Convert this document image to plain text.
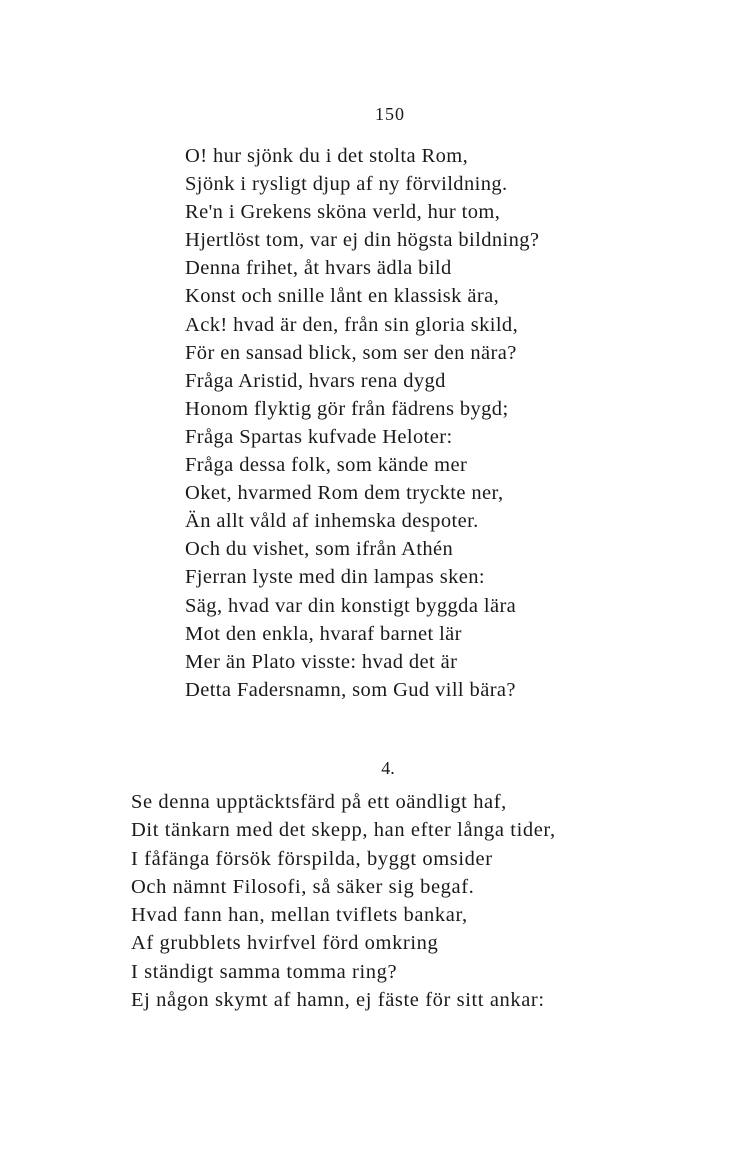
150
O! hur sjönk du i det stolta Rom,
Sjönk i rysligt djup af ny förvildning.
Re'n i Grekens sköna verld, hur tom,
Hjertlöst tom, var ej din högsta bildning?
Denna frihet, åt hvars ädla bild
Konst och snille lånt en klassisk ära,
Ack! hvad är den, från sin gloria skild,
För en sansad blick, som ser den nära?
Fråga Aristid, hvars rena dygd
Honom flyktig gör från fädrens bygd;
Fråga Spartas kufvade Heloter:
Fråga dessa folk, som kände mer
Oket, hvarmed Rom dem tryckte ner,
Än allt våld af inhemska despoter.
Och du vishet, som ifrån Athén
Fjerran lyste med din lampas sken:
Säg, hvad var din konstigt byggda lära
Mot den enkla, hvaraf barnet lär
Mer än Plato visste: hvad det är
Detta Fadersnamn, som Gud vill bära?
4.
Se denna upptäcktsfärd på ett oändligt haf,
Dit tänkarn med det skepp, han efter långa tider,
I fåfänga försök förspilda, byggt omsider
Och nämnt Filosofi, så säker sig begaf.
Hvad fann han, mellan tviflets bankar,
Af grubblets hvirfvel förd omkring
I ständigt samma tomma ring?
Ej någon skymt af hamn, ej fäste för sitt ankar:
